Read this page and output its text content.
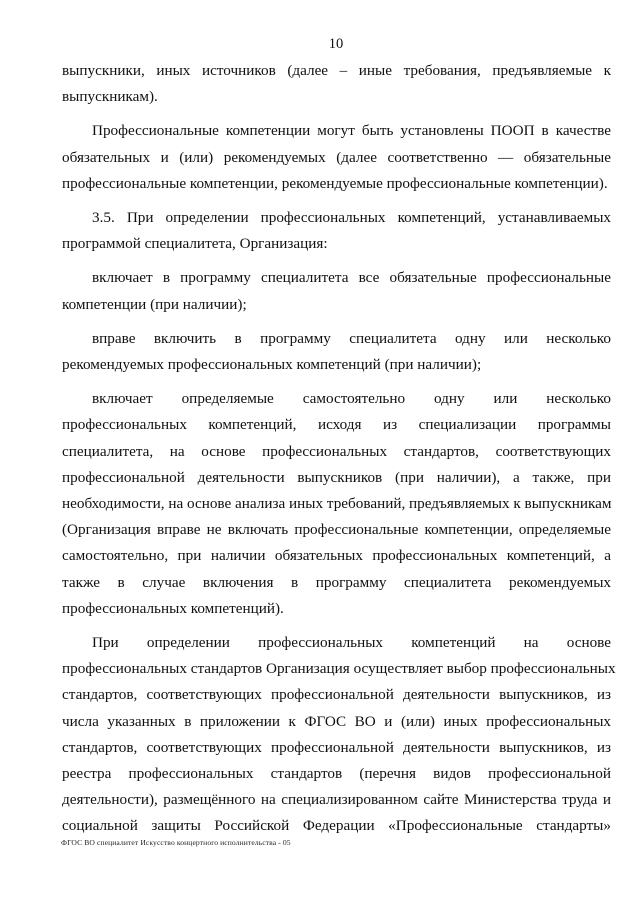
10

выпускники, иных источников (далее – иные требования, предъявляемые к
выпускникам).

Профессиональные компетенции могут быть установлены ПООП в качестве
обязательных и (или) рекомендуемых (далее соответственно — обязательные
профессиональные компетенции, рекомендуемые профессиональные компетенции).

3.5. При определении профессиональных компетенций, устанавливаемых
программой специалитета, Организация:

включает в программу специалитета все обязательные профессиональные
компетенции (при наличии);

вправе включить в программу специалитета одну или несколько
рекомендуемых профессиональных компетенций (при наличии);

включает определяемые самостоятельно одну или несколько
профессиональных компетенций, исходя из специализации программы
специалитета, на основе профессиональных стандартов, соответствующих
профессиональной деятельности выпускников (при наличии), а также, при
необходимости, на основе анализа иных требований, предъявляемых к выпускникам
(Организация вправе не включать профессиональные компетенции, определяемые
самостоятельно, при наличии обязательных профессиональных компетенций, а
также в случае включения в программу специалитета рекомендуемых
профессиональных компетенций).

При определении профессиональных компетенций на основе
профессиональных стандартов Организация осуществляет выбор профессиональных
стандартов, соответствующих профессиональной деятельности выпускников, из
числа указанных в приложении к ФГОС ВО и (или) иных профессиональных
стандартов, соответствующих профессиональной деятельности выпускников, из
реестра профессиональных стандартов (перечня видов профессиональной
деятельности), размещённого на специализированном сайте Министерства труда и
социальной защиты Российской Федерации «Профессиональные стандарты»

ФГОС ВО специалитет Искусство концертного исполнительства - 05
